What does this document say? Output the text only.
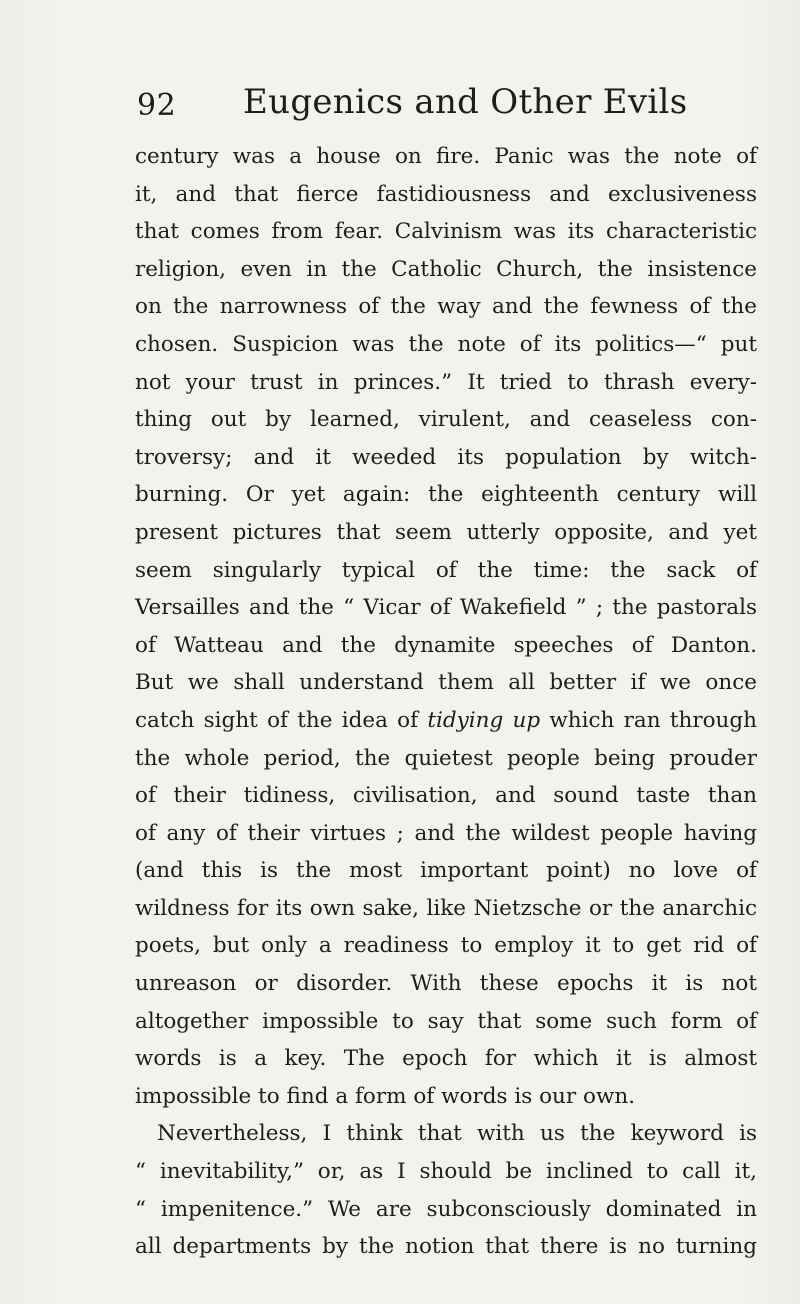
92 Eugenics and Other Evils
century was a house on fire. Panic was the note of
it, and that fierce fastidiousness and exclusiveness
that comes from fear. Calvinism was its characteristic
religion, even in the Catholic Church, the insistence
on the narrowness of the way and the fewness of the
chosen. Suspicion was the note of its politics—“ put
not your trust in princes.” It tried to thrash every-
thing out by learned, virulent, and ceaseless con-
troversy; and it weeded its population by witch-
burning. Or yet again: the eighteenth century will
present pictures that seem utterly opposite, and yet
seem singularly typical of the time: the sack of
Versailles and the “ Vicar of Wakefield ” ; the pastorals
of Watteau and the dynamite speeches of Danton.
But we shall understand them all better if we once
catch sight of the idea of tidying up which ran through
the whole period, the quietest people being prouder
of their tidiness, civilisation, and sound taste than
of any of their virtues ; and the wildest people having
(and this is the most important point) no love of
wildness for its own sake, like Nietzsche or the anarchic
poets, but only a readiness to employ it to get rid of
unreason or disorder. With these epochs it is not
altogether impossible to say that some such form of
words is a key. The epoch for which it is almost
impossible to find a form of words is our own.
Nevertheless, I think that with us the keyword is
“ inevitability,” or, as I should be inclined to call it,
“ impenitence.” We are subconsciously dominated in
all departments by the notion that there is no turning
